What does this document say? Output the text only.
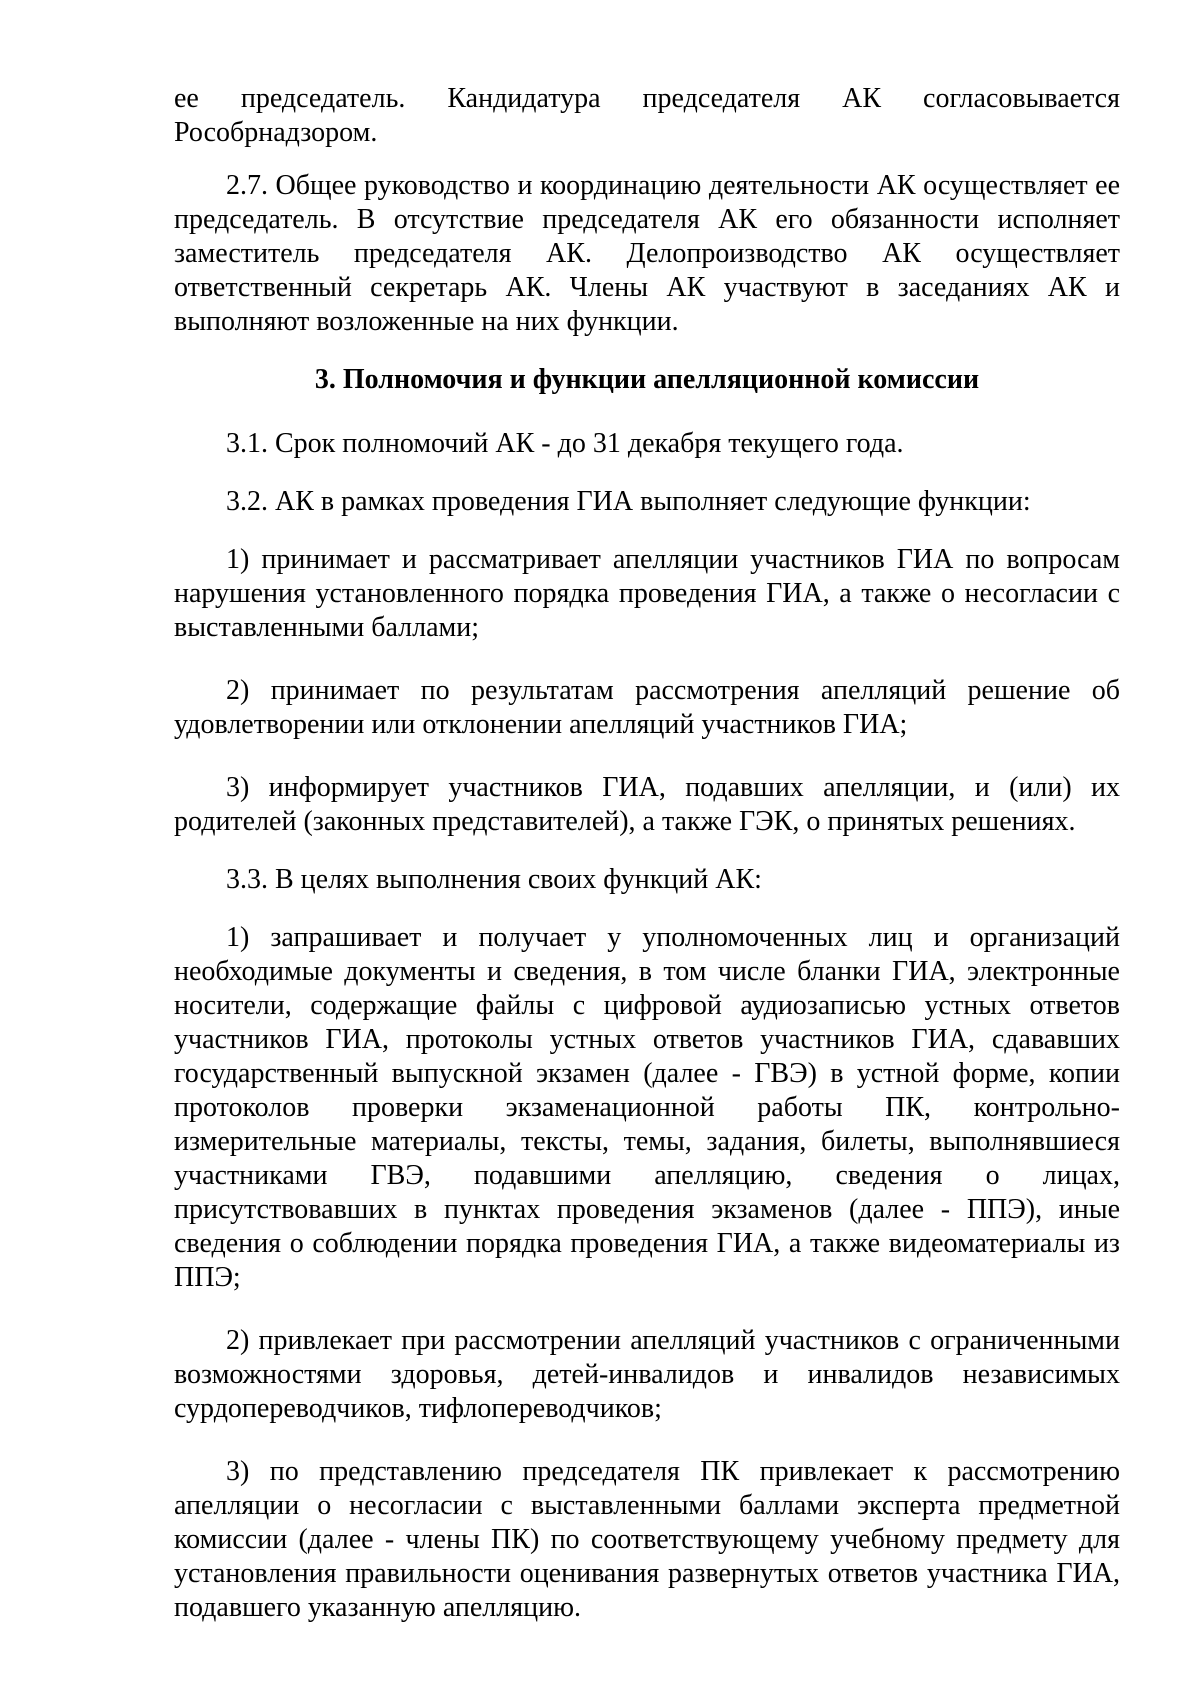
ее председатель. Кандидатура председателя АК согласовывается Рособрнадзором.

2.7. Общее руководство и координацию деятельности АК осуществляет ее председатель. В отсутствие председателя АК его обязанности исполняет заместитель председателя АК. Делопроизводство АК осуществляет ответственный секретарь АК. Члены АК участвуют в заседаниях АК и выполняют возложенные на них функции.

3. Полномочия и функции апелляционной комиссии

3.1. Срок полномочий АК - до 31 декабря текущего года.

3.2. АК в рамках проведения ГИА выполняет следующие функции:

1) принимает и рассматривает апелляции участников ГИА по вопросам нарушения установленного порядка проведения ГИА, а также о несогласии с выставленными баллами;

2) принимает по результатам рассмотрения апелляций решение об удовлетворении или отклонении апелляций участников ГИА;

3) информирует участников ГИА, подавших апелляции, и (или) их родителей (законных представителей), а также ГЭК, о принятых решениях.

3.3. В целях выполнения своих функций АК:

1) запрашивает и получает у уполномоченных лиц и организаций необходимые документы и сведения, в том числе бланки ГИА, электронные носители, содержащие файлы с цифровой аудиозаписью устных ответов участников ГИА, протоколы устных ответов участников ГИА, сдававших государственный выпускной экзамен (далее - ГВЭ) в устной форме, копии протоколов проверки экзаменационной работы ПК, контрольно-измерительные материалы, тексты, темы, задания, билеты, выполнявшиеся участниками ГВЭ, подавшими апелляцию, сведения о лицах, присутствовавших в пунктах проведения экзаменов (далее - ППЭ), иные сведения о соблюдении порядка проведения ГИА, а также видеоматериалы из ППЭ;

2) привлекает при рассмотрении апелляций участников с ограниченными возможностями здоровья, детей-инвалидов и инвалидов независимых сурдопереводчиков, тифлопереводчиков;

3) по представлению председателя ПК привлекает к рассмотрению апелляции о несогласии с выставленными баллами эксперта предметной комиссии (далее - члены ПК) по соответствующему учебному предмету для установления правильности оценивания развернутых ответов участника ГИА, подавшего указанную апелляцию.
